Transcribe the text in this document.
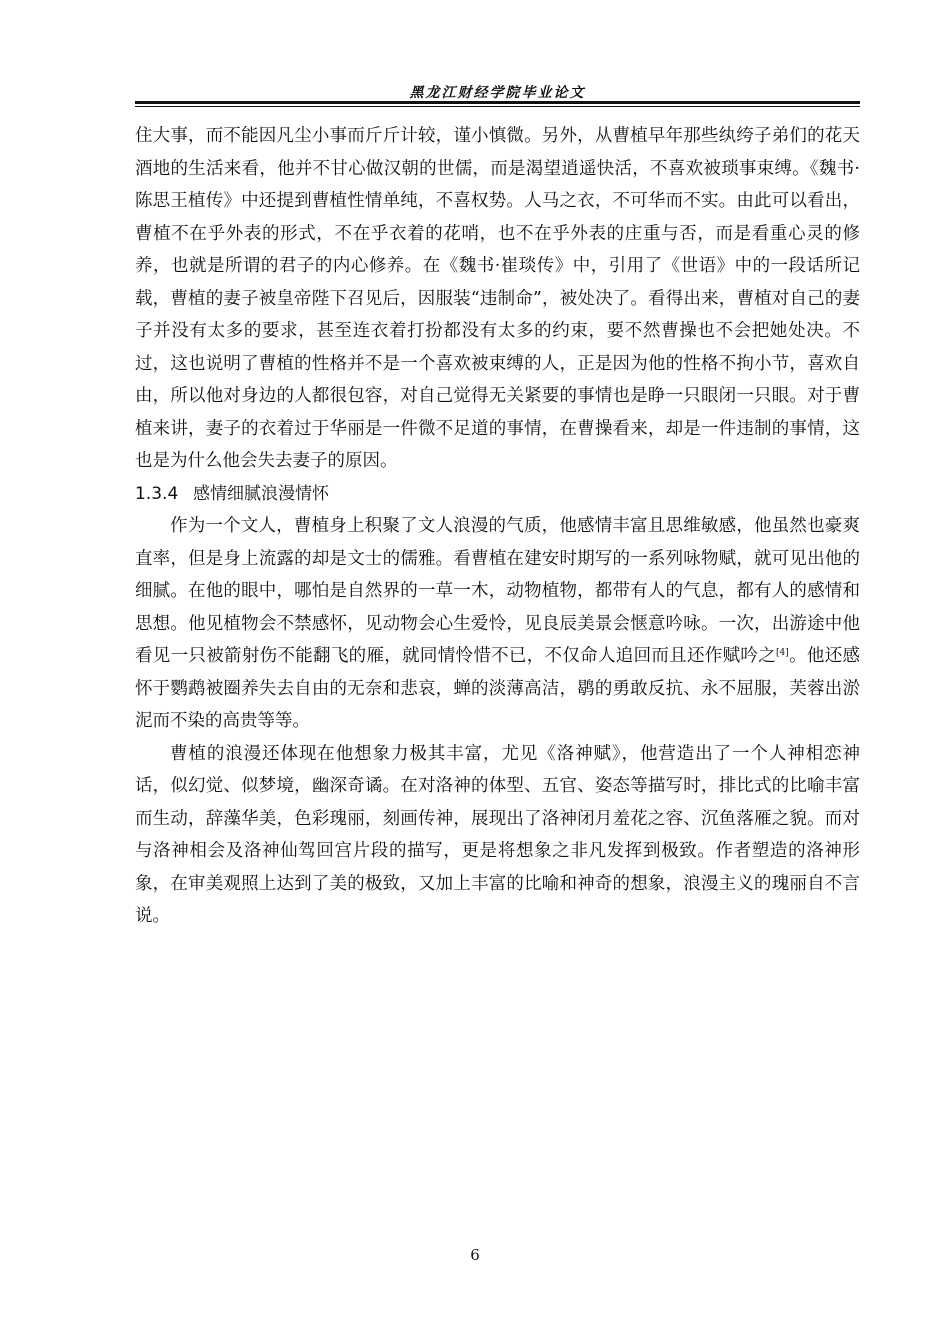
黑龙江财经学院毕业论文

住大事，而不能因凡尘小事而斤斤计较，谨小慎微。另外，从曹植早年那些纨绔子弟们的花天酒地的生活来看，他并不甘心做汉朝的世儒，而是渴望逍遥快活，不喜欢被琐事束缚。《魏书·陈思王植传》中还提到曹植性情单纯，不喜权势。人马之衣，不可华而不实。由此可以看出，曹植不在乎外表的形式，不在乎衣着的花哨，也不在乎外表的庄重与否，而是看重心灵的修养，也就是所谓的君子的内心修养。在《魏书·崔琰传》中，引用了《世语》中的一段话所记载，曹植的妻子被皇帝陛下召见后，因服装“违制命”，被处决了。看得出来，曹植对自己的妻子并没有太多的要求，甚至连衣着打扮都没有太多的约束，要不然曹操也不会把她处决。不过，这也说明了曹植的性格并不是一个喜欢被束缚的人，正是因为他的性格不拘小节，喜欢自由，所以他对身边的人都很包容，对自己觉得无关紧要的事情也是睁一只眼闭一只眼。对于曹植来讲，妻子的衣着过于华丽是一件微不足道的事情，在曹操看来，却是一件违制的事情，这也是为什么他会失去妻子的原因。

1.3.4 感情细腻浪漫情怀

作为一个文人，曹植身上积聚了文人浪漫的气质，他感情丰富且思维敏感，他虽然也豪爽直率，但是身上流露的却是文士的儒雅。看曹植在建安时期写的一系列咏物赋，就可见出他的细腻。在他的眼中，哪怕是自然界的一草一木，动物植物，都带有人的气息，都有人的感情和思想。他见植物会不禁感怀，见动物会心生爱怜，见良辰美景会惬意吟咏。一次，出游途中他看见一只被箭射伤不能翻飞的雁，就同情怜惜不已，不仅命人追回而且还作赋吟之[4]。他还感怀于鹦鹉被圈养失去自由的无奈和悲哀，蝉的淡薄高洁，鹖的勇敢反抗、永不屈服，芙蓉出淤泥而不染的高贵等等。

曹植的浪漫还体现在他想象力极其丰富，尤见《洛神赋》，他营造出了一个人神相恋神话，似幻觉、似梦境，幽深奇谲。在对洛神的体型、五官、姿态等描写时，排比式的比喻丰富而生动，辞藻华美，色彩瑰丽，刻画传神，展现出了洛神闭月羞花之容、沉鱼落雁之貌。而对与洛神相会及洛神仙驾回宫片段的描写，更是将想象之非凡发挥到极致。作者塑造的洛神形象，在审美观照上达到了美的极致，又加上丰富的比喻和神奇的想象，浪漫主义的瑰丽自不言说。

6
